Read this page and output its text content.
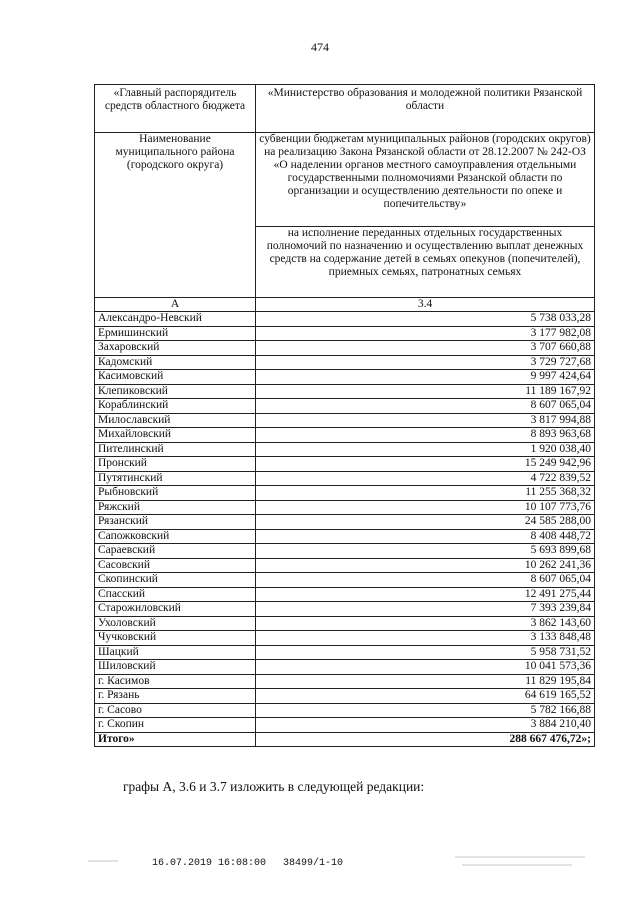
474
«Главный распорядитель средств областного бюджета	«Министерство образования и молодежной политики Рязанской области
Наименование муниципального района (городского округа)	субвенции бюджетам муниципальных районов (городских округов) на реализацию Закона Рязанской области от 28.12.2007 № 242-ОЗ «О наделении органов местного самоуправления отдельными государственными полномочиями Рязанской области по организации и осуществлению деятельности по опеке и попечительству»
	на исполнение переданных отдельных государственных полномочий по назначению и осуществлению выплат денежных средств на содержание детей в семьях опекунов (попечителей), приемных семьях, патронатных семьях
А	3.4
Александро-Невский	5 738 033,28
Ермишинский	3 177 982,08
Захаровский	3 707 660,88
Кадомский	3 729 727,68
Касимовский	9 997 424,64
Клепиковский	11 189 167,92
Кораблинский	8 607 065,04
Милославский	3 817 994,88
Михайловский	8 893 963,68
Пителинский	1 920 038,40
Пронский	15 249 942,96
Путятинский	4 722 839,52
Рыбновский	11 255 368,32
Ряжский	10 107 773,76
Рязанский	24 585 288,00
Сапожковский	8 408 448,72
Сараевский	5 693 899,68
Сасовский	10 262 241,36
Скопинский	8 607 065,04
Спасский	12 491 275,44
Старожиловский	7 393 239,84
Ухоловский	3 862 143,60
Чучковский	3 133 848,48
Шацкий	5 958 731,52
Шиловский	10 041 573,36
г. Касимов	11 829 195,84
г. Рязань	64 619 165,52
г. Сасово	5 782 166,88
г. Скопин	3 884 210,40
Итого»	288 667 476,72»;
графы А, 3.6 и 3.7 изложить в следующей редакции:
16.07.2019 16:08:00 38499/1-10
